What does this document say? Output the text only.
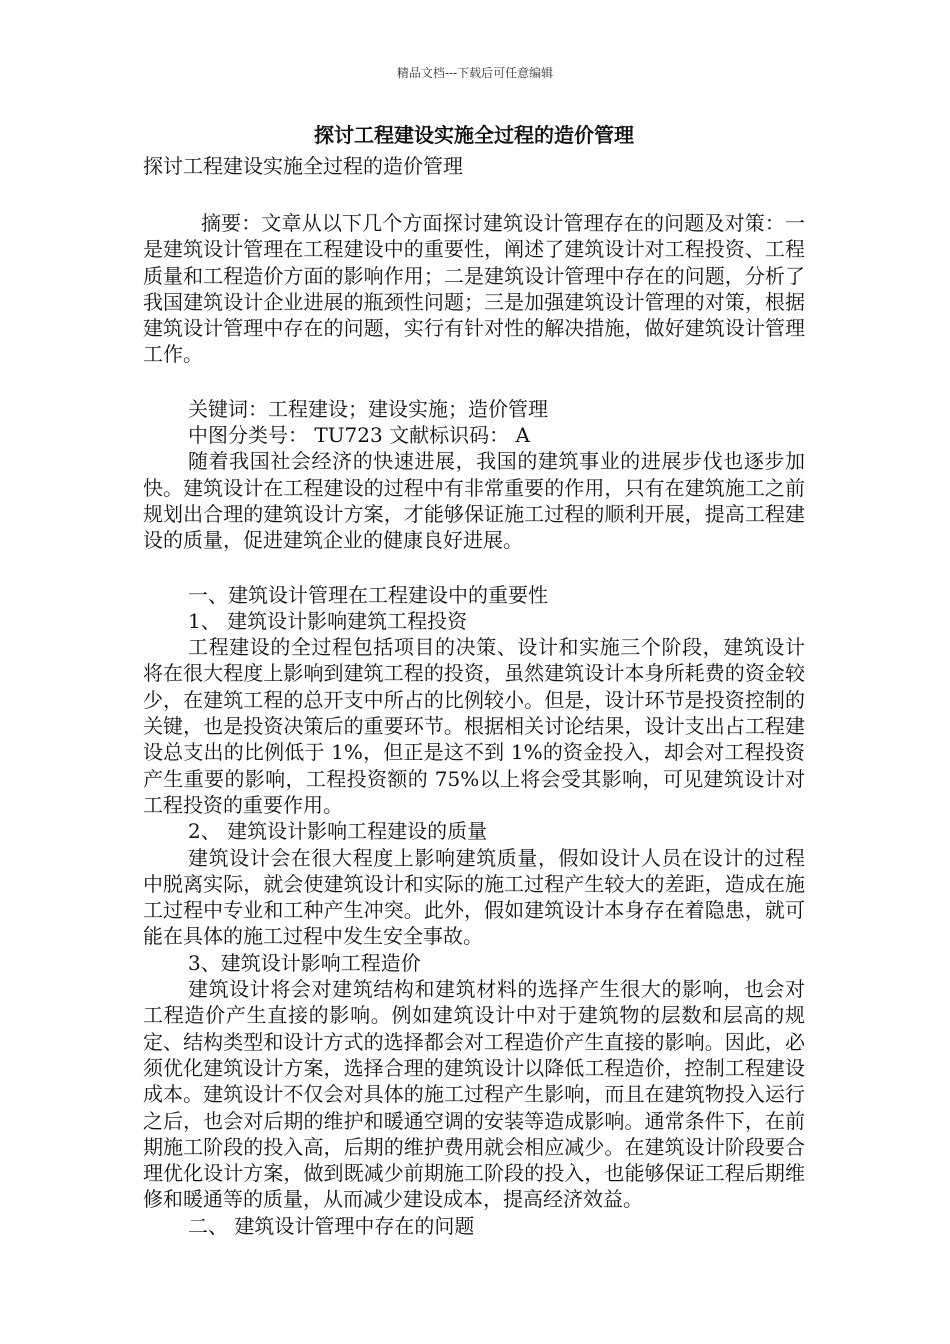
精品文档---下载后可任意编辑

探讨工程建设实施全过程的造价管理

探讨工程建设实施全过程的造价管理

摘要：文章从以下几个方面探讨建筑设计管理存在的问题及对策：一是建筑设计管理在工程建设中的重要性，阐述了建筑设计对工程投资、工程质量和工程造价方面的影响作用；二是建筑设计管理中存在的问题，分析了我国建筑设计企业进展的瓶颈性问题；三是加强建筑设计管理的对策，根据建筑设计管理中存在的问题，实行有针对性的解决措施，做好建筑设计管理工作。

关键词：工程建设；建设实施；造价管理

中图分类号： TU723 文献标识码： A

随着我国社会经济的快速进展，我国的建筑事业的进展步伐也逐步加快。建筑设计在工程建设的过程中有非常重要的作用，只有在建筑施工之前规划出合理的建筑设计方案，才能够保证施工过程的顺利开展，提高工程建设的质量，促进建筑企业的健康良好进展。

一、建筑设计管理在工程建设中的重要性

1、 建筑设计影响建筑工程投资

工程建设的全过程包括项目的决策、设计和实施三个阶段，建筑设计将在很大程度上影响到建筑工程的投资，虽然建筑设计本身所耗费的资金较少，在建筑工程的总开支中所占的比例较小。但是，设计环节是投资控制的关键，也是投资决策后的重要环节。根据相关讨论结果，设计支出占工程建设总支出的比例低于 1%，但正是这不到 1%的资金投入，却会对工程投资产生重要的影响，工程投资额的 75%以上将会受其影响，可见建筑设计对工程投资的重要作用。

2、 建筑设计影响工程建设的质量

建筑设计会在很大程度上影响建筑质量，假如设计人员在设计的过程中脱离实际，就会使建筑设计和实际的施工过程产生较大的差距，造成在施工过程中专业和工种产生冲突。此外，假如建筑设计本身存在着隐患，就可能在具体的施工过程中发生安全事故。

3、建筑设计影响工程造价

建筑设计将会对建筑结构和建筑材料的选择产生很大的影响，也会对工程造价产生直接的影响。例如建筑设计中对于建筑物的层数和层高的规定、结构类型和设计方式的选择都会对工程造价产生直接的影响。因此，必须优化建筑设计方案，选择合理的建筑设计以降低工程造价，控制工程建设成本。建筑设计不仅会对具体的施工过程产生影响，而且在建筑物投入运行之后，也会对后期的维护和暖通空调的安装等造成影响。通常条件下，在前期施工阶段的投入高，后期的维护费用就会相应减少。在建筑设计阶段要合理优化设计方案，做到既减少前期施工阶段的投入，也能够保证工程后期维修和暖通等的质量，从而减少建设成本，提高经济效益。

二、 建筑设计管理中存在的问题
